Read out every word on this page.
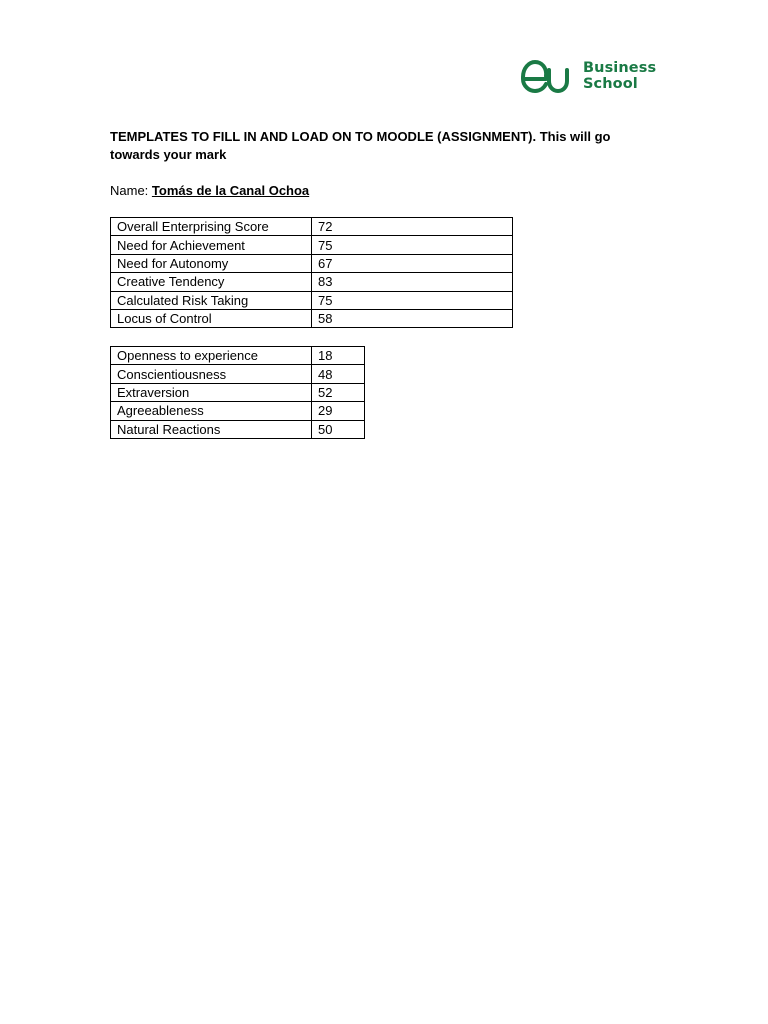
Business
School
TEMPLATES TO FILL IN AND LOAD ON TO MOODLE (ASSIGNMENT). This will go towards your mark
Name: Tomás de la Canal Ochoa
Overall Enterprising Score	72
Need for Achievement	75
Need for Autonomy	67
Creative Tendency	83
Calculated Risk Taking	75
Locus of Control	58
Openness to experience	18
Conscientiousness	48
Extraversion	52
Agreeableness	29
Natural Reactions	50
